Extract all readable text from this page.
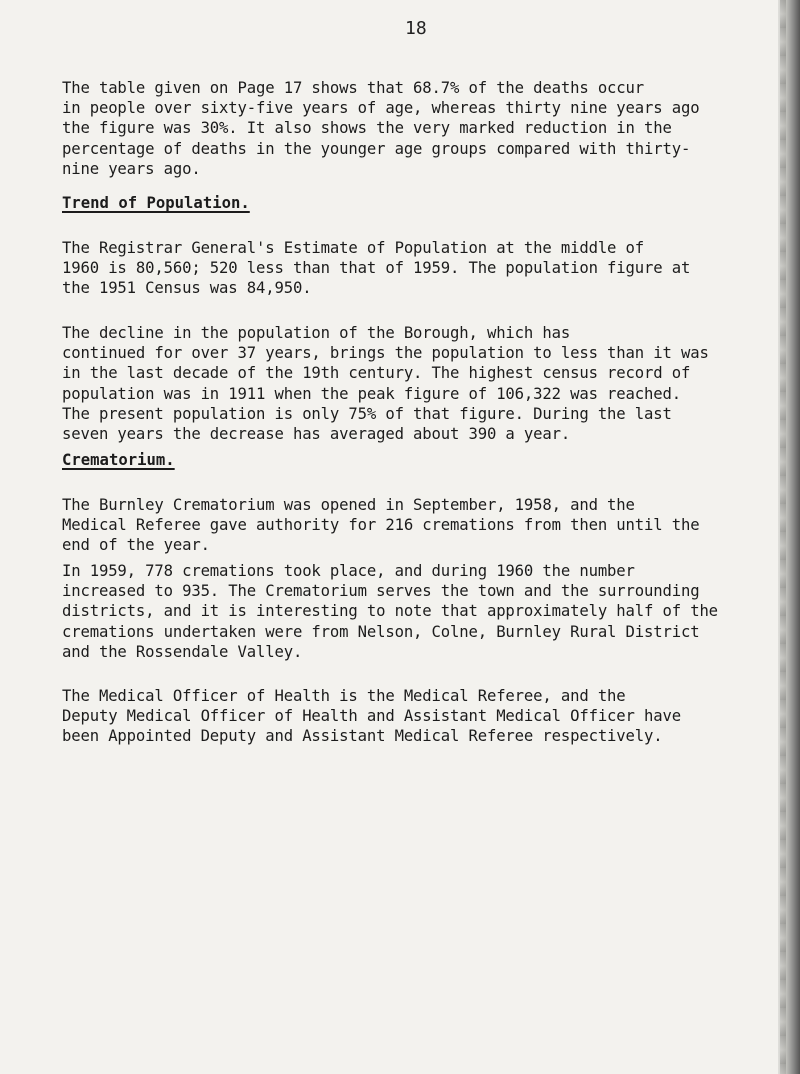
18

The table given on Page 17 shows that 68.7% of the deaths occur
in people over sixty-five years of age, whereas thirty nine years ago
the figure was 30%. It also shows the very marked reduction in the
percentage of deaths in the younger age groups compared with thirty-
nine years ago.

Trend of Population.

The Registrar General's Estimate of Population at the middle of
1960 is 80,560; 520 less than that of 1959. The population figure at
the 1951 Census was 84,950.

The decline in the population of the Borough, which has
continued for over 37 years, brings the population to less than it was
in the last decade of the 19th century. The highest census record of
population was in 1911 when the peak figure of 106,322 was reached.
The present population is only 75% of that figure. During the last
seven years the decrease has averaged about 390 a year.

Crematorium.

The Burnley Crematorium was opened in September, 1958, and the
Medical Referee gave authority for 216 cremations from then until the
end of the year.

In 1959, 778 cremations took place, and during 1960 the number
increased to 935. The Crematorium serves the town and the surrounding
districts, and it is interesting to note that approximately half of the
cremations undertaken were from Nelson, Colne, Burnley Rural District
and the Rossendale Valley.

The Medical Officer of Health is the Medical Referee, and the
Deputy Medical Officer of Health and Assistant Medical Officer have
been Appointed Deputy and Assistant Medical Referee respectively.
